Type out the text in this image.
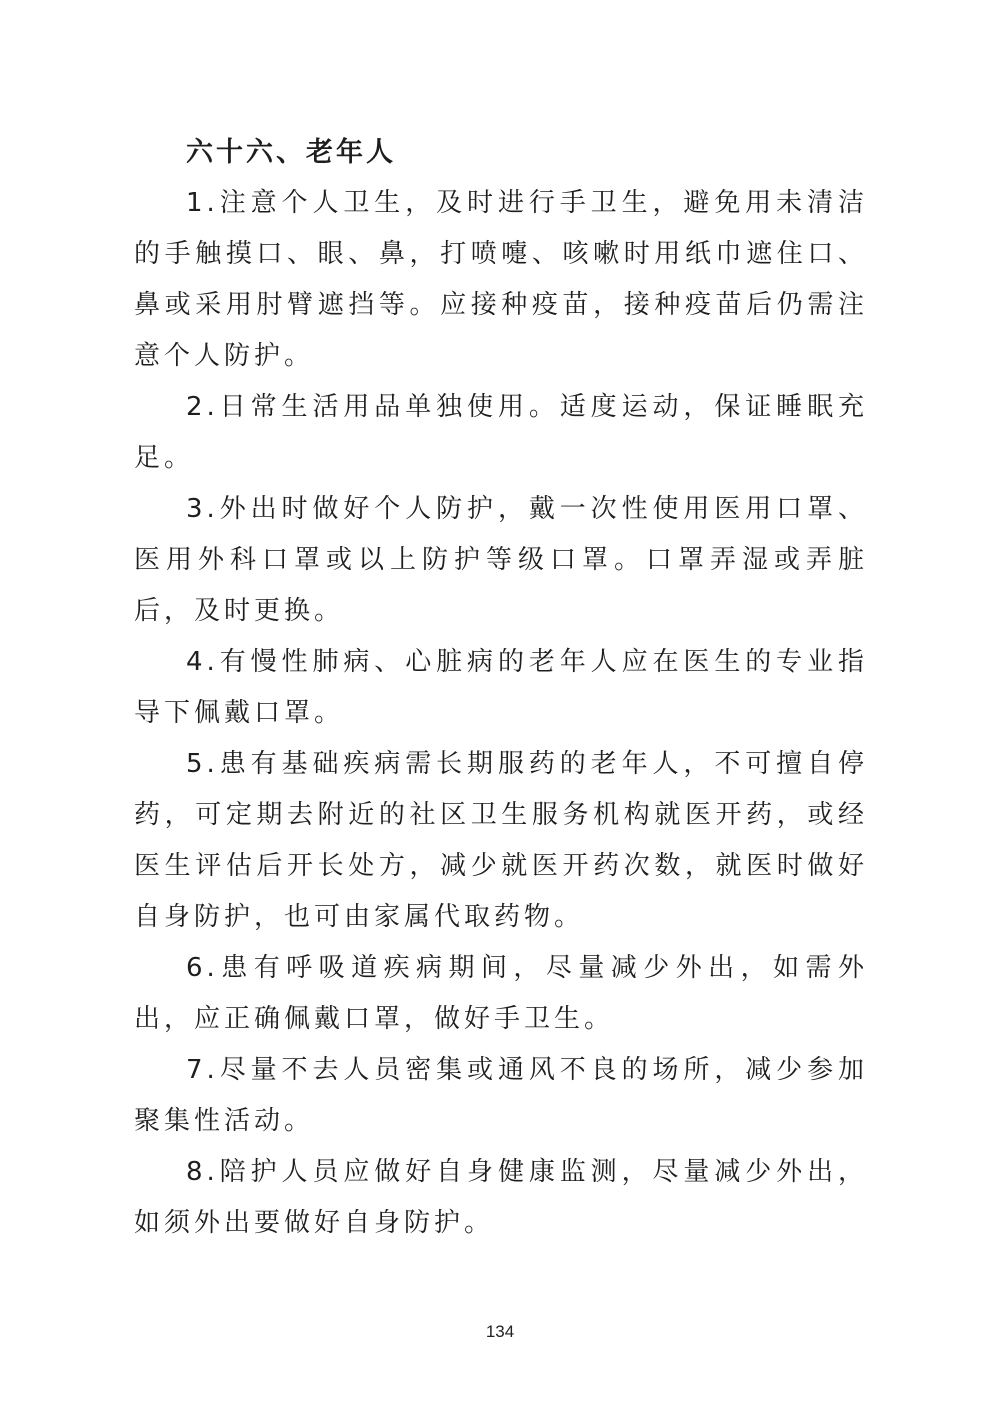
六十六、老年人

1.注意个人卫生，及时进行手卫生，避免用未清洁的手触摸口、眼、鼻，打喷嚏、咳嗽时用纸巾遮住口、鼻或采用肘臂遮挡等。应接种疫苗，接种疫苗后仍需注意个人防护。

2.日常生活用品单独使用。适度运动，保证睡眠充足。

3.外出时做好个人防护，戴一次性使用医用口罩、医用外科口罩或以上防护等级口罩。口罩弄湿或弄脏后，及时更换。

4.有慢性肺病、心脏病的老年人应在医生的专业指导下佩戴口罩。

5.患有基础疾病需长期服药的老年人，不可擅自停药，可定期去附近的社区卫生服务机构就医开药，或经医生评估后开长处方，减少就医开药次数，就医时做好自身防护，也可由家属代取药物。

6.患有呼吸道疾病期间，尽量减少外出，如需外出，应正确佩戴口罩，做好手卫生。

7.尽量不去人员密集或通风不良的场所，减少参加聚集性活动。

8.陪护人员应做好自身健康监测，尽量减少外出，如须外出要做好自身防护。

134
